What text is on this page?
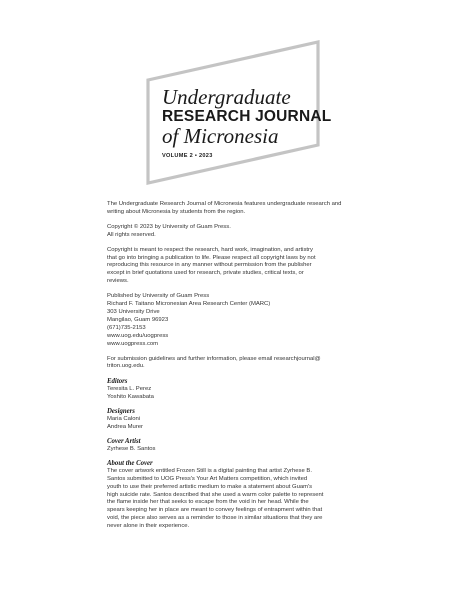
Undergraduate
RESEARCH JOURNAL
of Micronesia
VOLUME 2 • 2023

The Undergraduate Research Journal of Micronesia features undergraduate research and writing about Micronesia by students from the region.

Copyright © 2023 by University of Guam Press.

All rights reserved.

Copyright is meant to respect the research, hard work, imagination, and artistry

that go into bringing a publication to life. Please respect all copyright laws by not

reproducing this resource in any manner without permission from the publisher

except in brief quotations used for research, private studies, critical texts, or

reviews.

Published by University of Guam Press

Richard F. Taitano Micronesian Area Research Center (MARC)

303 University Drive

Mangilao, Guam 96923

(671)735-2153

www.uog.edu/uogpress

www.uogpress.com

For submission guidelines and further information, please email researchjournal@

triton.uog.edu.

Editors

Teresita L. Perez

Yoshito Kawabata

Designers

Maria Caloni

Andrea Murer

Cover Artist

Zyrhese B. Santos

About the Cover

The cover artwork entitled Frozen Still is a digital painting that artist Zyrhese B.

Santos submitted to UOG Press's Your Art Matters competition, which invited

youth to use their preferred artistic medium to make a statement about Guam's

high suicide rate. Santos described that she used a warm color palette to represent

the flame inside her that seeks to escape from the void in her head. While the

spears keeping her in place are meant to convey feelings of entrapment within that

void, the piece also serves as a reminder to those in similar situations that they are

never alone in their experience.
